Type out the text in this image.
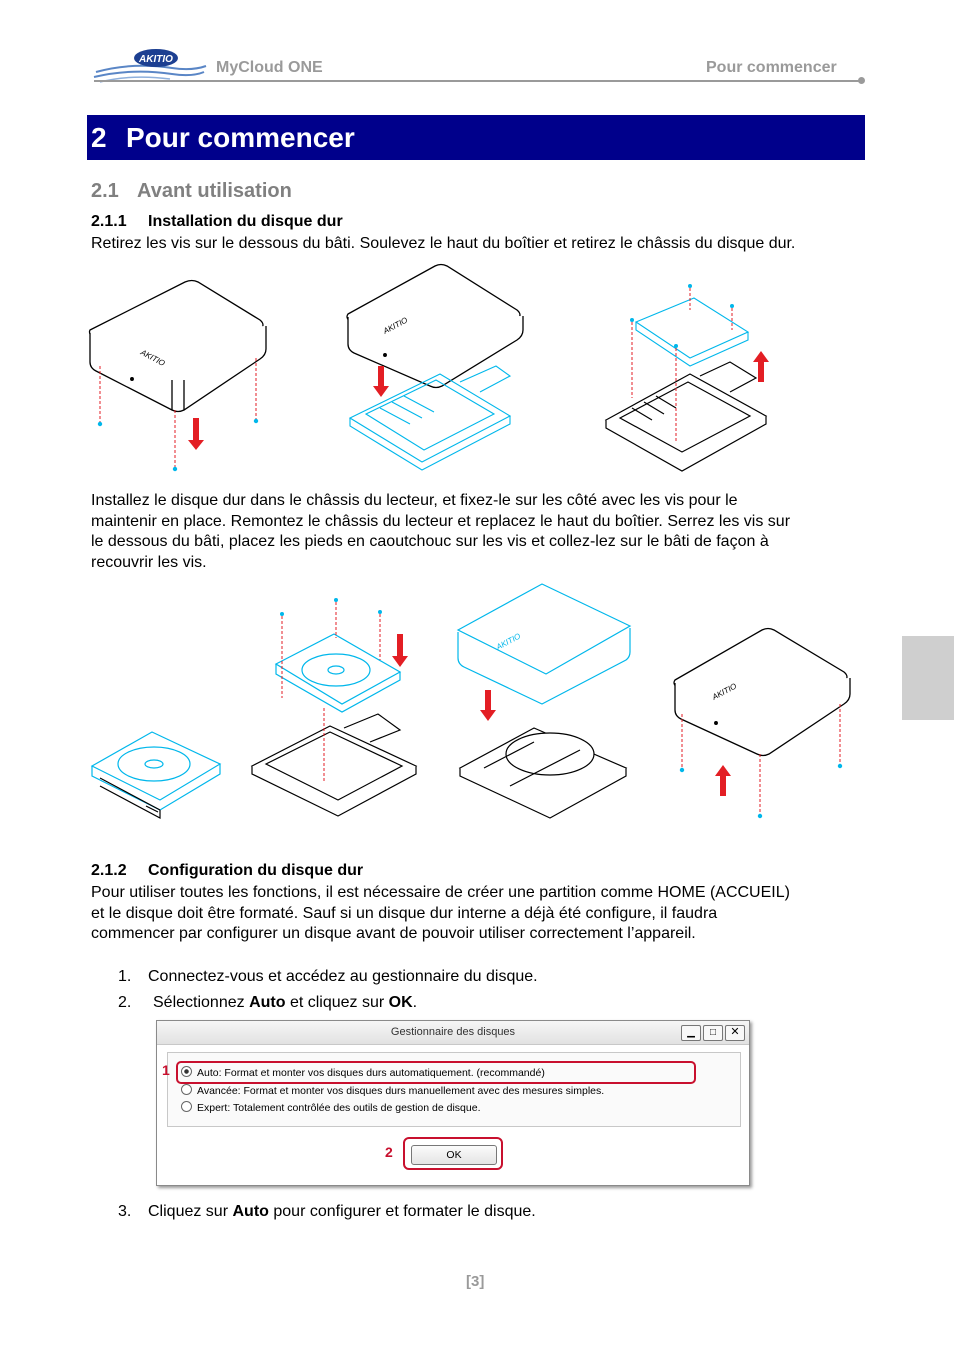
AKITIO	MyCloud ONE	Pour commencer
2 Pour commencer
2.1 Avant utilisation
2.1.1 Installation du disque dur
Retirez les vis sur le dessous du bâti. Soulevez le haut du boîtier et retirez le châssis du disque dur.
AKITIO
AKITIO
Installez le disque dur dans le châssis du lecteur, et fixez-le sur les côté avec les vis pour le
maintenir en place. Remontez le châssis du lecteur et replacez le haut du boîtier. Serrez les vis sur
le dessous du bâti, placez les pieds en caoutchouc sur les vis et collez-lez sur le bâti de façon à
recouvrir les vis.
AKITIO
AKITIO
2.1.2 Configuration du disque dur
Pour utiliser toutes les fonctions, il est nécessaire de créer une partition comme HOME (ACCUEIL)
et le disque doit être formaté. Sauf si un disque dur interne a déjà été configure, il faudra
commencer par configurer un disque avant de pouvoir utiliser correctement l’appareil.
1. Connectez-vous et accédez au gestionnaire du disque.
2. Sélectionnez Auto et cliquez sur OK.
Gestionnaire des disques	▁	□	✕
Auto: Format et monter vos disques durs automatiquement. (recommandé)
Avancée: Format et monter vos disques durs manuellement avec des mesures simples.
Expert: Totalement contrôlée des outils de gestion de disque.
OK
1
2
3. Cliquez sur Auto pour configurer et formater le disque.
[3]
